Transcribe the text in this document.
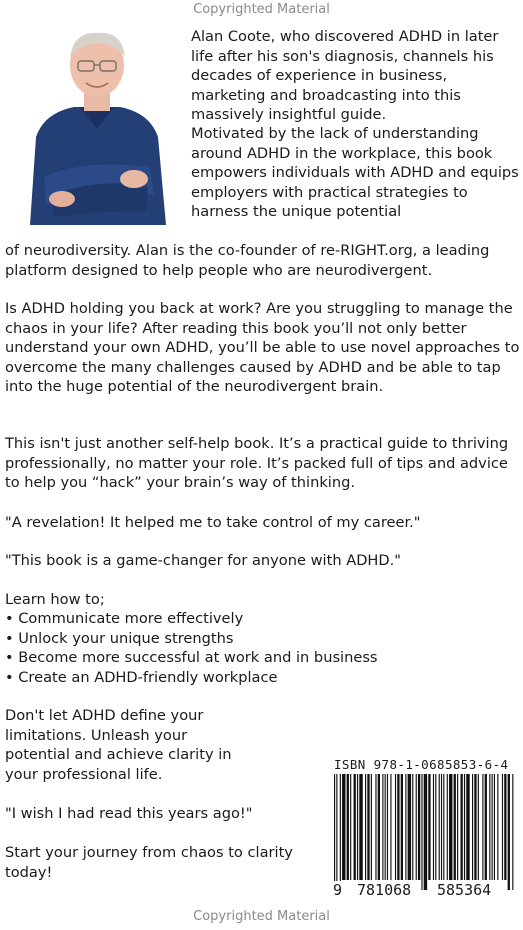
Copyrighted Material

Alan Coote, who discovered ADHD in later life after his son's diagnosis, channels his decades of experience in business, marketing and broadcasting into this massively insightful guide.

Motivated by the lack of understanding around ADHD in the workplace, this book empowers individuals with ADHD and equips employers with practical strategies to harness the unique potential

of neurodiversity. Alan is the co-founder of re-RIGHT.org, a leading platform designed to help people who are neurodivergent.

Is ADHD holding you back at work? Are you struggling to manage the chaos in your life? After reading this book you’ll not only better understand your own ADHD, you’ll be able to use novel approaches to overcome the many challenges caused by ADHD and be able to tap into the huge potential of the neurodivergent brain.

This isn't just another self-help book. It’s a practical guide to thriving professionally, no matter your role. It’s packed full of tips and advice to help you “hack” your brain’s way of thinking.

"A revelation! It helped me to take control of my career."

"This book is a game-changer for anyone with ADHD."

Learn how to;

• Communicate more effectively
• Unlock your unique strengths
• Become more successful at work and in business
• Create an ADHD-friendly workplace

Don't let ADHD define your limitations. Unleash your potential and achieve clarity in your professional life.

"I wish I had read this years ago!"

Start your journey from chaos to clarity today!

ISBN 978-1-0685853-6-4
9 781068 585364
Copyrighted Material
